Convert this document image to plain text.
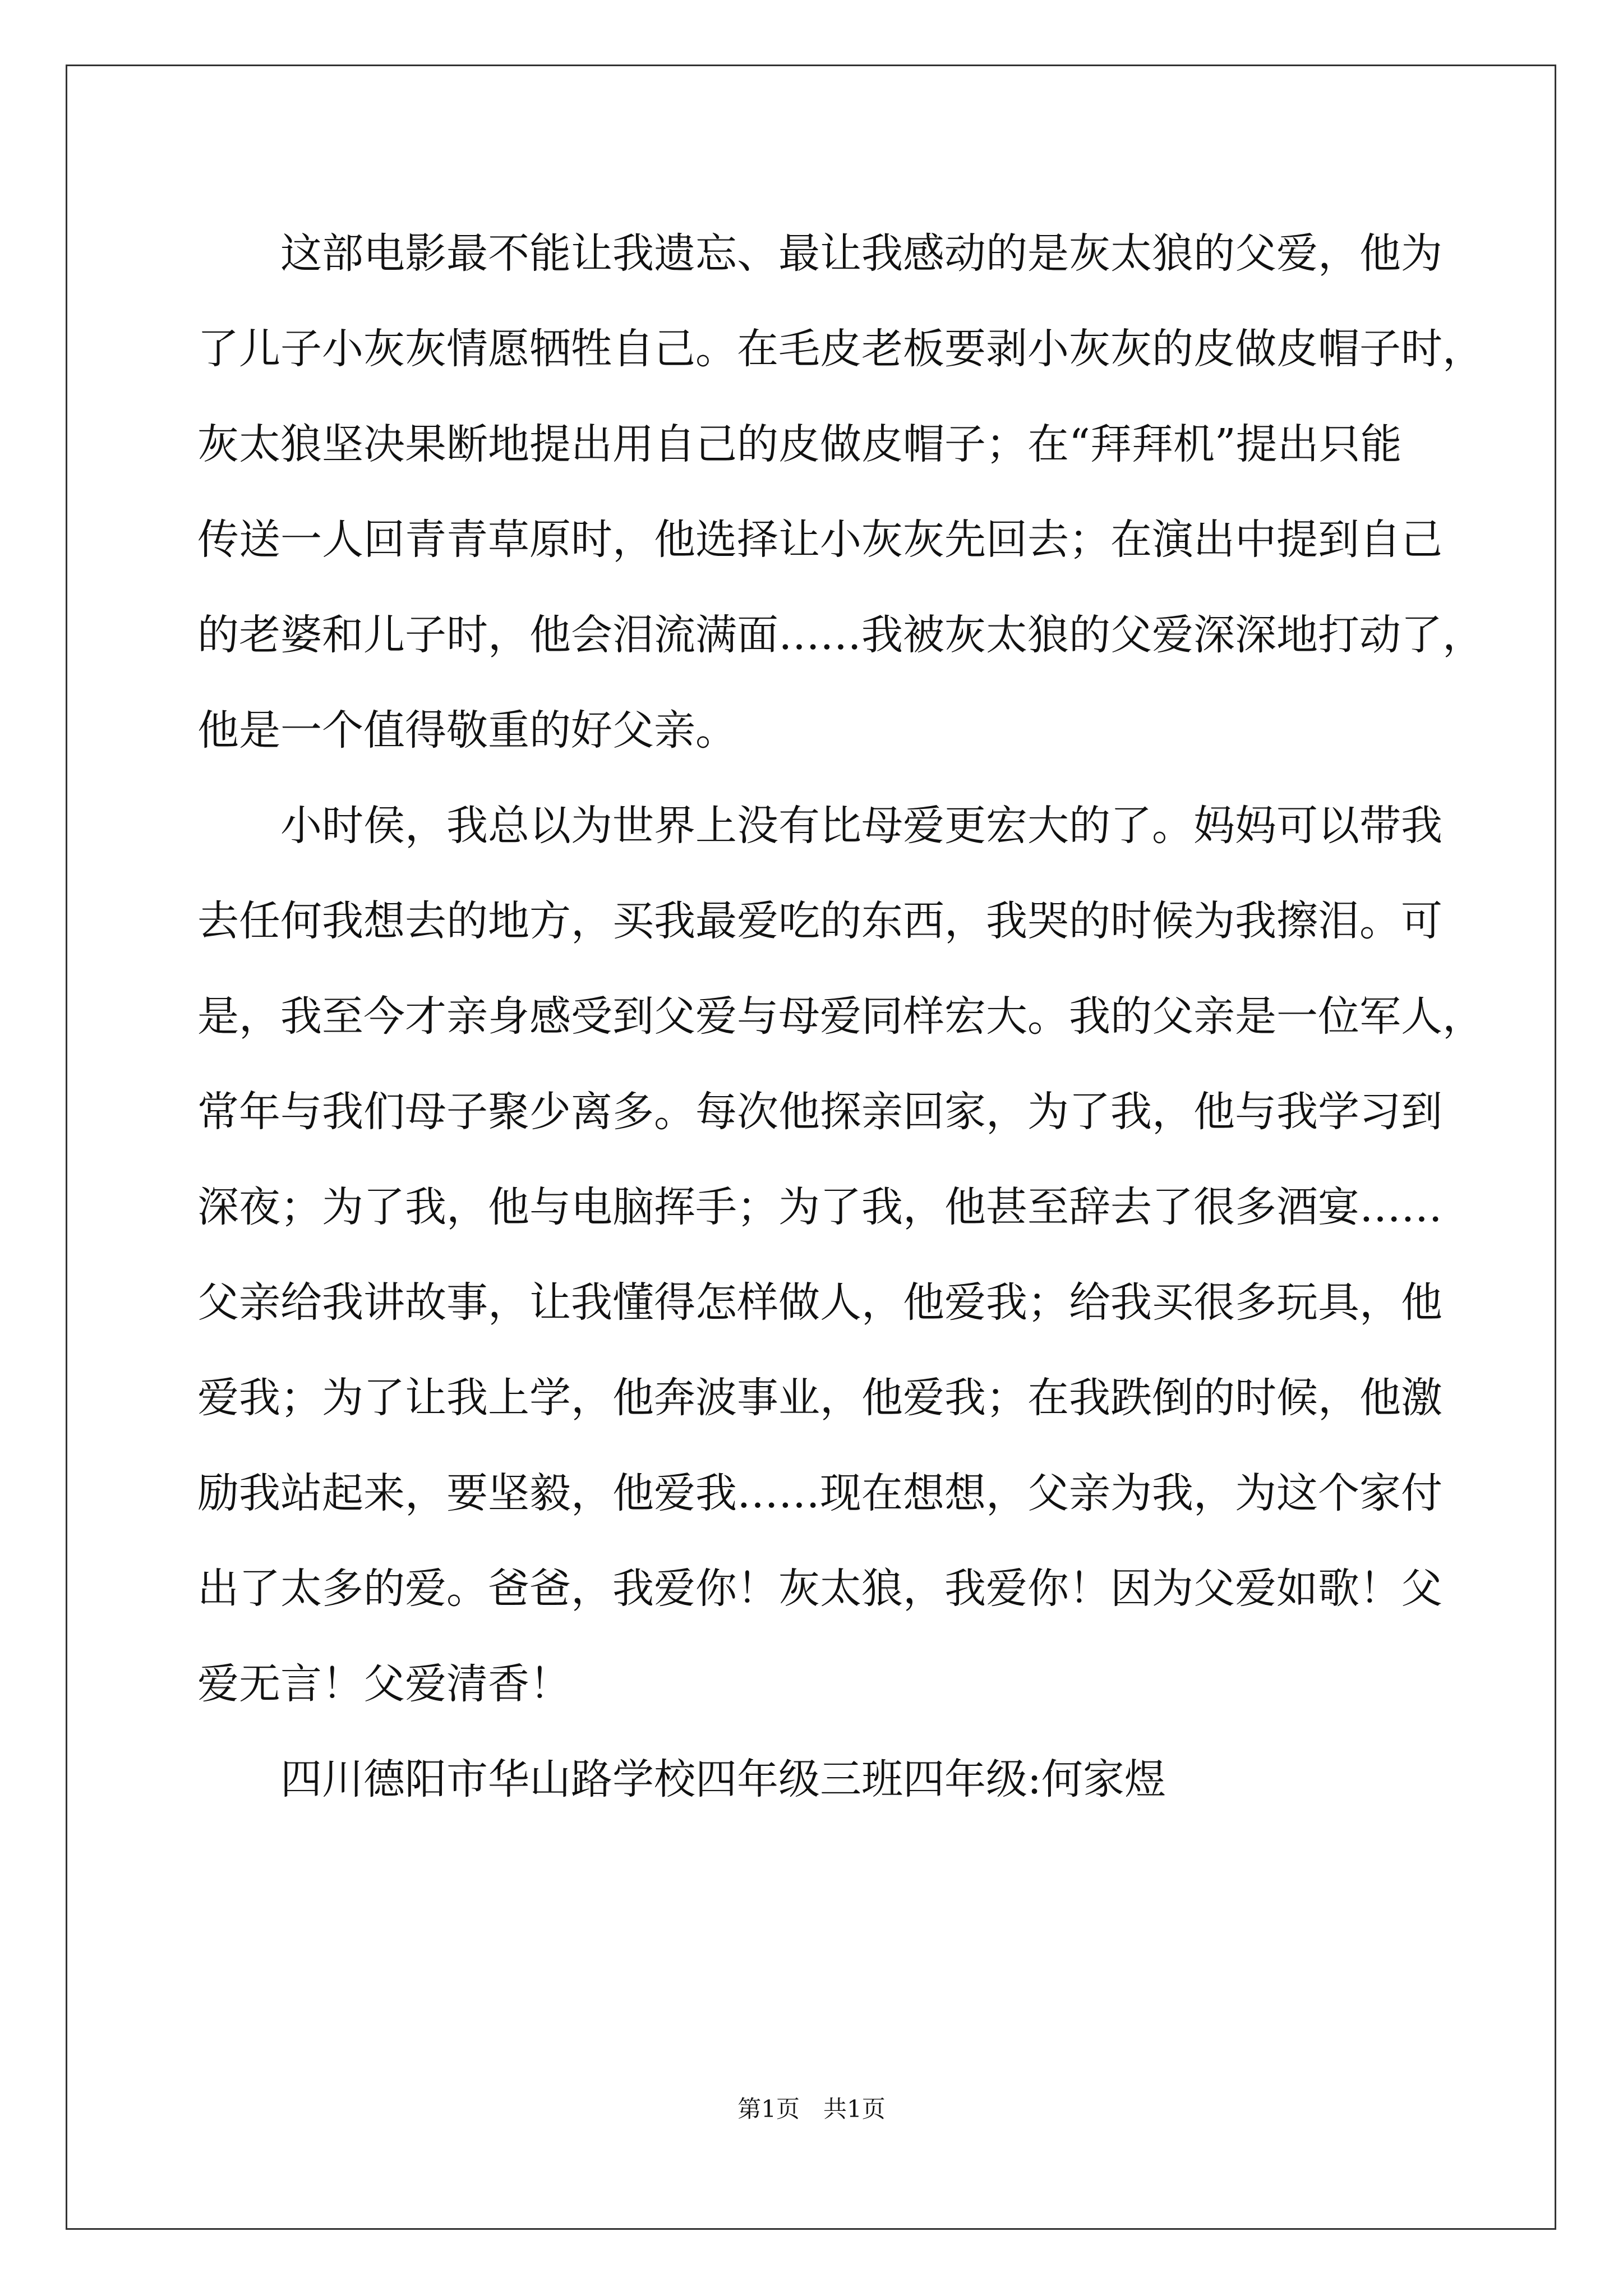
这部电影最不能让我遗忘、最让我感动的是灰太狼的父爱，他为
了儿子小灰灰情愿牺牲自己。在毛皮老板要剥小灰灰的皮做皮帽子时，
灰太狼坚决果断地提出用自己的皮做皮帽子；在“拜拜机”提出只能
传送一人回青青草原时，他选择让小灰灰先回去；在演出中提到自己
的老婆和儿子时，他会泪流满面……我被灰太狼的父爱深深地打动了，
他是一个值得敬重的好父亲。
小时侯，我总以为世界上没有比母爱更宏大的了。妈妈可以带我
去任何我想去的地方，买我最爱吃的东西，我哭的时候为我擦泪。可
是，我至今才亲身感受到父爱与母爱同样宏大。我的父亲是一位军人，
常年与我们母子聚少离多。每次他探亲回家，为了我，他与我学习到
深夜；为了我，他与电脑挥手；为了我，他甚至辞去了很多酒宴……
父亲给我讲故事，让我懂得怎样做人，他爱我；给我买很多玩具，他
爱我；为了让我上学，他奔波事业，他爱我；在我跌倒的时候，他激
励我站起来，要坚毅，他爱我……现在想想，父亲为我，为这个家付
出了太多的爱。爸爸，我爱你！灰太狼，我爱你！因为父爱如歌！父
爱无言！父爱清香！
四川德阳市华山路学校四年级三班四年级:何家煜
第1页　共1页
